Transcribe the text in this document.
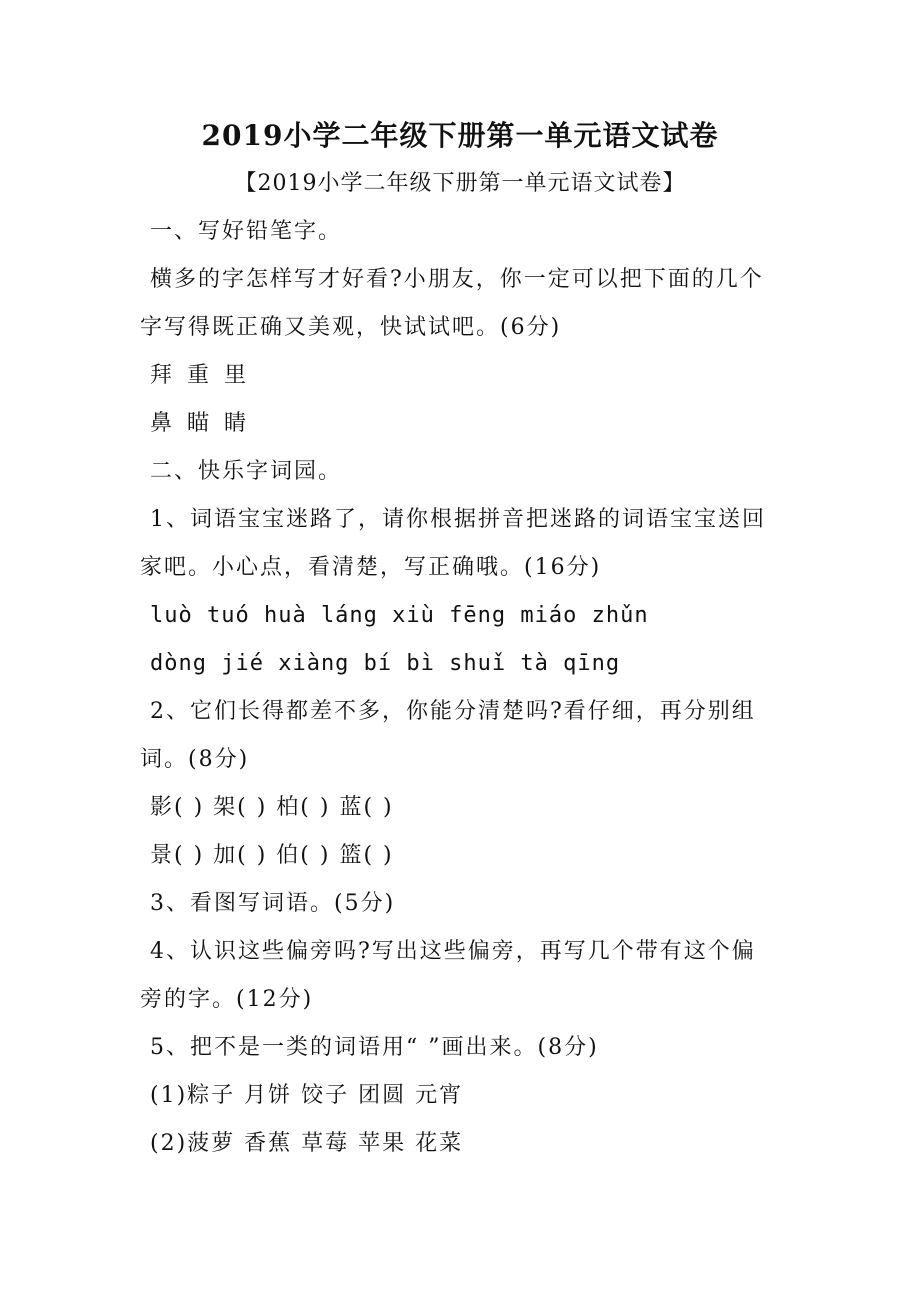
2019小学二年级下册第一单元语文试卷
【2019小学二年级下册第一单元语文试卷】
一、写好铅笔字。
横多的字怎样写才好看?小朋友，你一定可以把下面的几个
字写得既正确又美观，快试试吧。(6分)
拜 重 里
鼻 瞄 睛
二、快乐字词园。
1、词语宝宝迷路了，请你根据拼音把迷路的词语宝宝送回
家吧。小心点，看清楚，写正确哦。(16分)
luò tuó huà láng xiù fēng miáo zhǔn
dòng jié xiàng bí bì shuǐ tà qīng
2、它们长得都差不多，你能分清楚吗?看仔细，再分别组
词。(8分)
影( ) 架( ) 柏( ) 蓝( )
景( ) 加( ) 伯( ) 篮( )
3、看图写词语。(5分)
4、认识这些偏旁吗?写出这些偏旁，再写几个带有这个偏
旁的字。(12分)
5、把不是一类的词语用“ ”画出来。(8分)
(1)粽子 月饼 饺子 团圆 元宵
(2)菠萝 香蕉 草莓 苹果 花菜
